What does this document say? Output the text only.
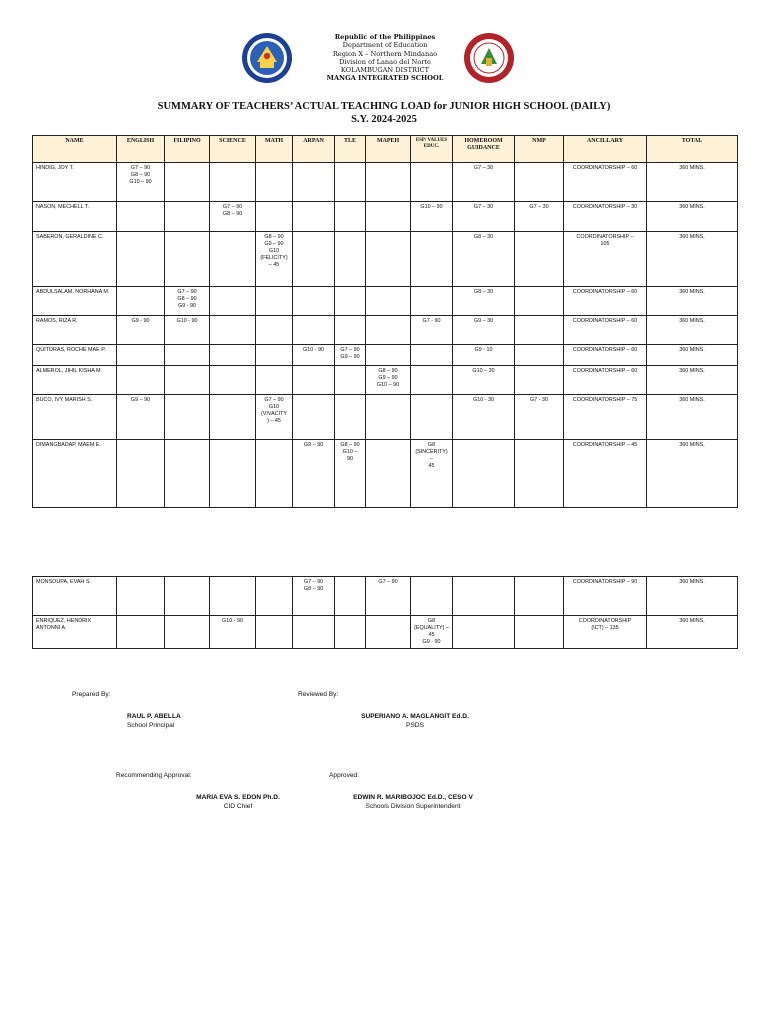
Republic of the Philippines
Department of Education
Region X – Northern Mindanao
Division of Lanao del Norte
KOLAMBUGAN DISTRICT
MANGA INTEGRATED SCHOOL
SUMMARY OF TEACHERS’ ACTUAL TEACHING LOAD for JUNIOR HIGH SCHOOL (DAILY)
S.Y. 2024-2025
NAME	ENGLISH	FILIPINO	SCIENCE	MATH	ARPAN	TLE	MAPEH	ESP/ VALUES EDUC.	HOMEROOM GUIDANCE	NMP	ANCILLARY	TOTAL
HINDIG, JOY T.	G7 – 90
G8 – 90
G10 – 90								G7 – 30		COORDINATORSHIP – 60	360 MINS.
NASON, MECHELL T.			G7 – 90
G8 – 90					G10 – 90	G7 – 30	G7 – 30	COORDINATORSHIP – 30	360 MINS.
SABERON, GERALDINE C.				G8 – 90
G9 – 90
G10
(FELICITY)
– 45					G8 – 30		COORDINATORSHIP –
105	360 MINS.
ABDULSALAM, NORHANA M.		G7 – 90
G8 – 90
G9 - 90							G8 – 30		COORDINATORSHIP – 60	360 MINS.
RAMOS, RIZA R.	G9 - 90	G10 - 90						G7 - 90	G9 – 30		COORDINATORSHIP – 60	360 MINS.
QUITORAS, ROCHE MAE P.					G10 - 90	G7 – 90
G9 – 90			G9 - 10		COORDINATORSHIP – 60	360 MINS.
ALMEROL, JIHIL KISHA M.							G8 – 90
G9 – 90
G10 – 90		G10 – 30		COORDINATORSHIP – 60	360 MINS.
BUCO, IVY MARISH S.	G9 – 90			G7 – 90
G10
(VIVACITY
) – 45					G10 - 30	G7 - 30	COORDINATORSHIP – 75	360 MINS.
DIMANGBADAP, MAEM E.					G9 – 90	G8 – 90
G10 –
90		G8
(SINCERITY) –
45			COORDINATORSHIP – 45	360 MINS.
MONSOUPA, EVAH S.					G7 – 90
G8 – 90		G7 – 90				COORDINATORSHIP – 90	360 MINS.
ENRIQUEZ, HENDRIX ANTONNI A.			G10 - 90					G8
(EQUALITY) –
45
G9 - 90			COORDINATORSHIP
(ICT) – 135	360 MINS.
Prepared By:
RAUL P. ABELLA
School Principal
Reviewed By:
SUPERIANO A. MAGLANGIT Ed.D.
PSDS
Recommending Approval:
MARIA EVA S. EDON Ph.D.
CID Chief
Approved:
EDWIN R. MARIBOJOC Ed.D., CESO V
Schools Division Superintendent
